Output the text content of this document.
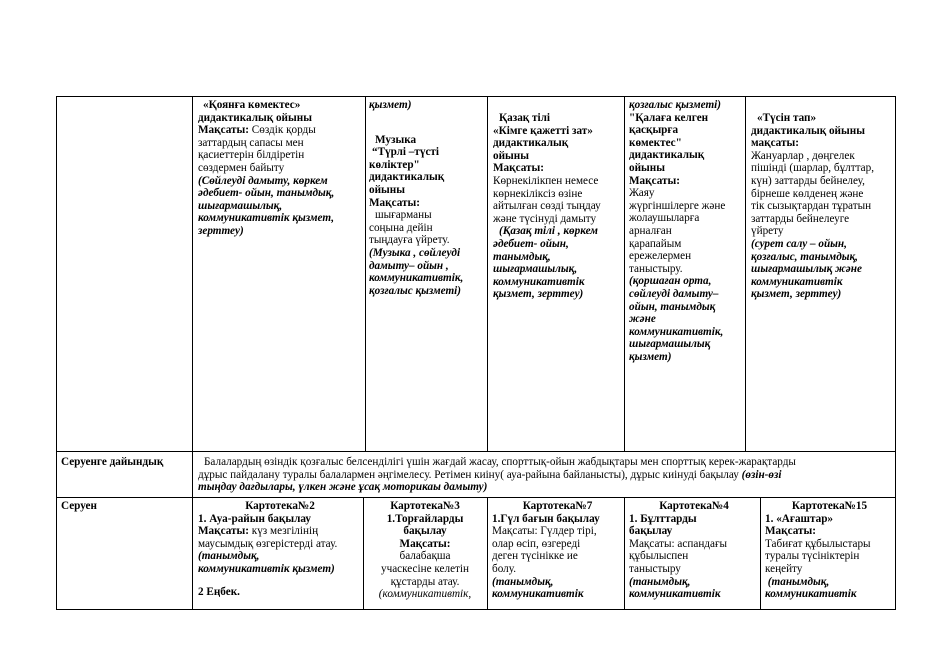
«Қоянға көмектес»
дидактикалық ойыны
Мақсаты: Сөздік қорды
заттардың сапасы мен
қасиеттерін білдіретін
сөздермен байыту
(Сөйлеуді дамыту, көркем
әдебиет- ойын, танымдық,
шығармашылық,
коммуникативтік қызмет,
зерттеу)
қызмет)
Музыка
“Түрлі –түсті
көліктер"
дидактикалық
ойыны
Мақсаты:
шығарманы
соңына дейін
тыңдауға үйрету.
(Музыка , сөйлеуді
дамыту– ойын ,
коммуникативтік,
қозғалыс қызметі)
Қазақ тілі
«Кімге қажетті зат»
дидактикалық
ойыны
Мақсаты:
Көрнекілікпен немесе
көрнекіліксіз өзіне
айтылған сөзді тыңдау
және түсінуді дамыту
(Қазақ тілі , көркем
әдебиет- ойын,
танымдық,
шығармашылық,
коммуникативтік
қызмет, зерттеу)
қозғалыс қызметі)
"Қалаға келген
қасқырға
көмектес"
дидактикалық
ойыны
Мақсаты:
Жаяу
жүргіншілерге және
жолаушыларға
арналған
қарапайым
ережелермен
таныстыру.
(қоршаған орта,
сөйлеуді дамыту–
ойын, танымдық
және
коммуникативтік,
шығармашылық
қызмет)
«Түсін тап»
дидактикалық ойыны
мақсаты:
Жануарлар , дөңгелек
пішінді (шарлар, бұлттар,
күн) заттарды бейнелеу,
бірнеше көлденең және
тік сызықтардан тұратын
заттарды бейнелеуге
үйрету
(сурет салу – ойын,
қозғалыс, танымдық,
шығармашылық және
коммуникативтік
қызмет, зерттеу)
Серуенге дайындық	Балалардың өзіндік қозғалыс белсенділігі үшін жағдай жасау, спорттық-ойын жабдықтары мен спорттық керек-жарақтарды
дұрыс пайдалану туралы балалармен әңгімелесу. Ретімен киіну( ауа-райына байланысты), дұрыс киінуді бақылау (өзін-өзі
тыңдау дағдылары, үлкен және ұсақ моторикаы дамыту)
Серуен	Картотека№2
1. Ауа-райын бақылау
Мақсаты: күз мезгілінің
маусымдық өзгерістерді атау.
(танымдық,
коммуникативтік қызмет)
2 Еңбек.
Картотека№3
1.Торғайларды
бақылау
Мақсаты:
балабақша
учаскесіне келетін
құстарды атау.
(коммуникативтік,
Картотека№7
1.Гүл бағын бақылау
Мақсаты: Гүлдер тірі,
олар өсіп, өзгереді
деген түсінікке ие
болу.
(танымдық,
коммуникативтік
Картотека№4
1. Бұлттарды
бақылау
Мақсаты: аспандағы
құбылыспен
таныстыру
(танымдық,
коммуникативтік
Картотека№15
1. «Ағаштар»
Мақсаты:
Табиғат құбылыстары
туралы түсініктерін
кеңейту
(танымдық,
коммуникативтік
